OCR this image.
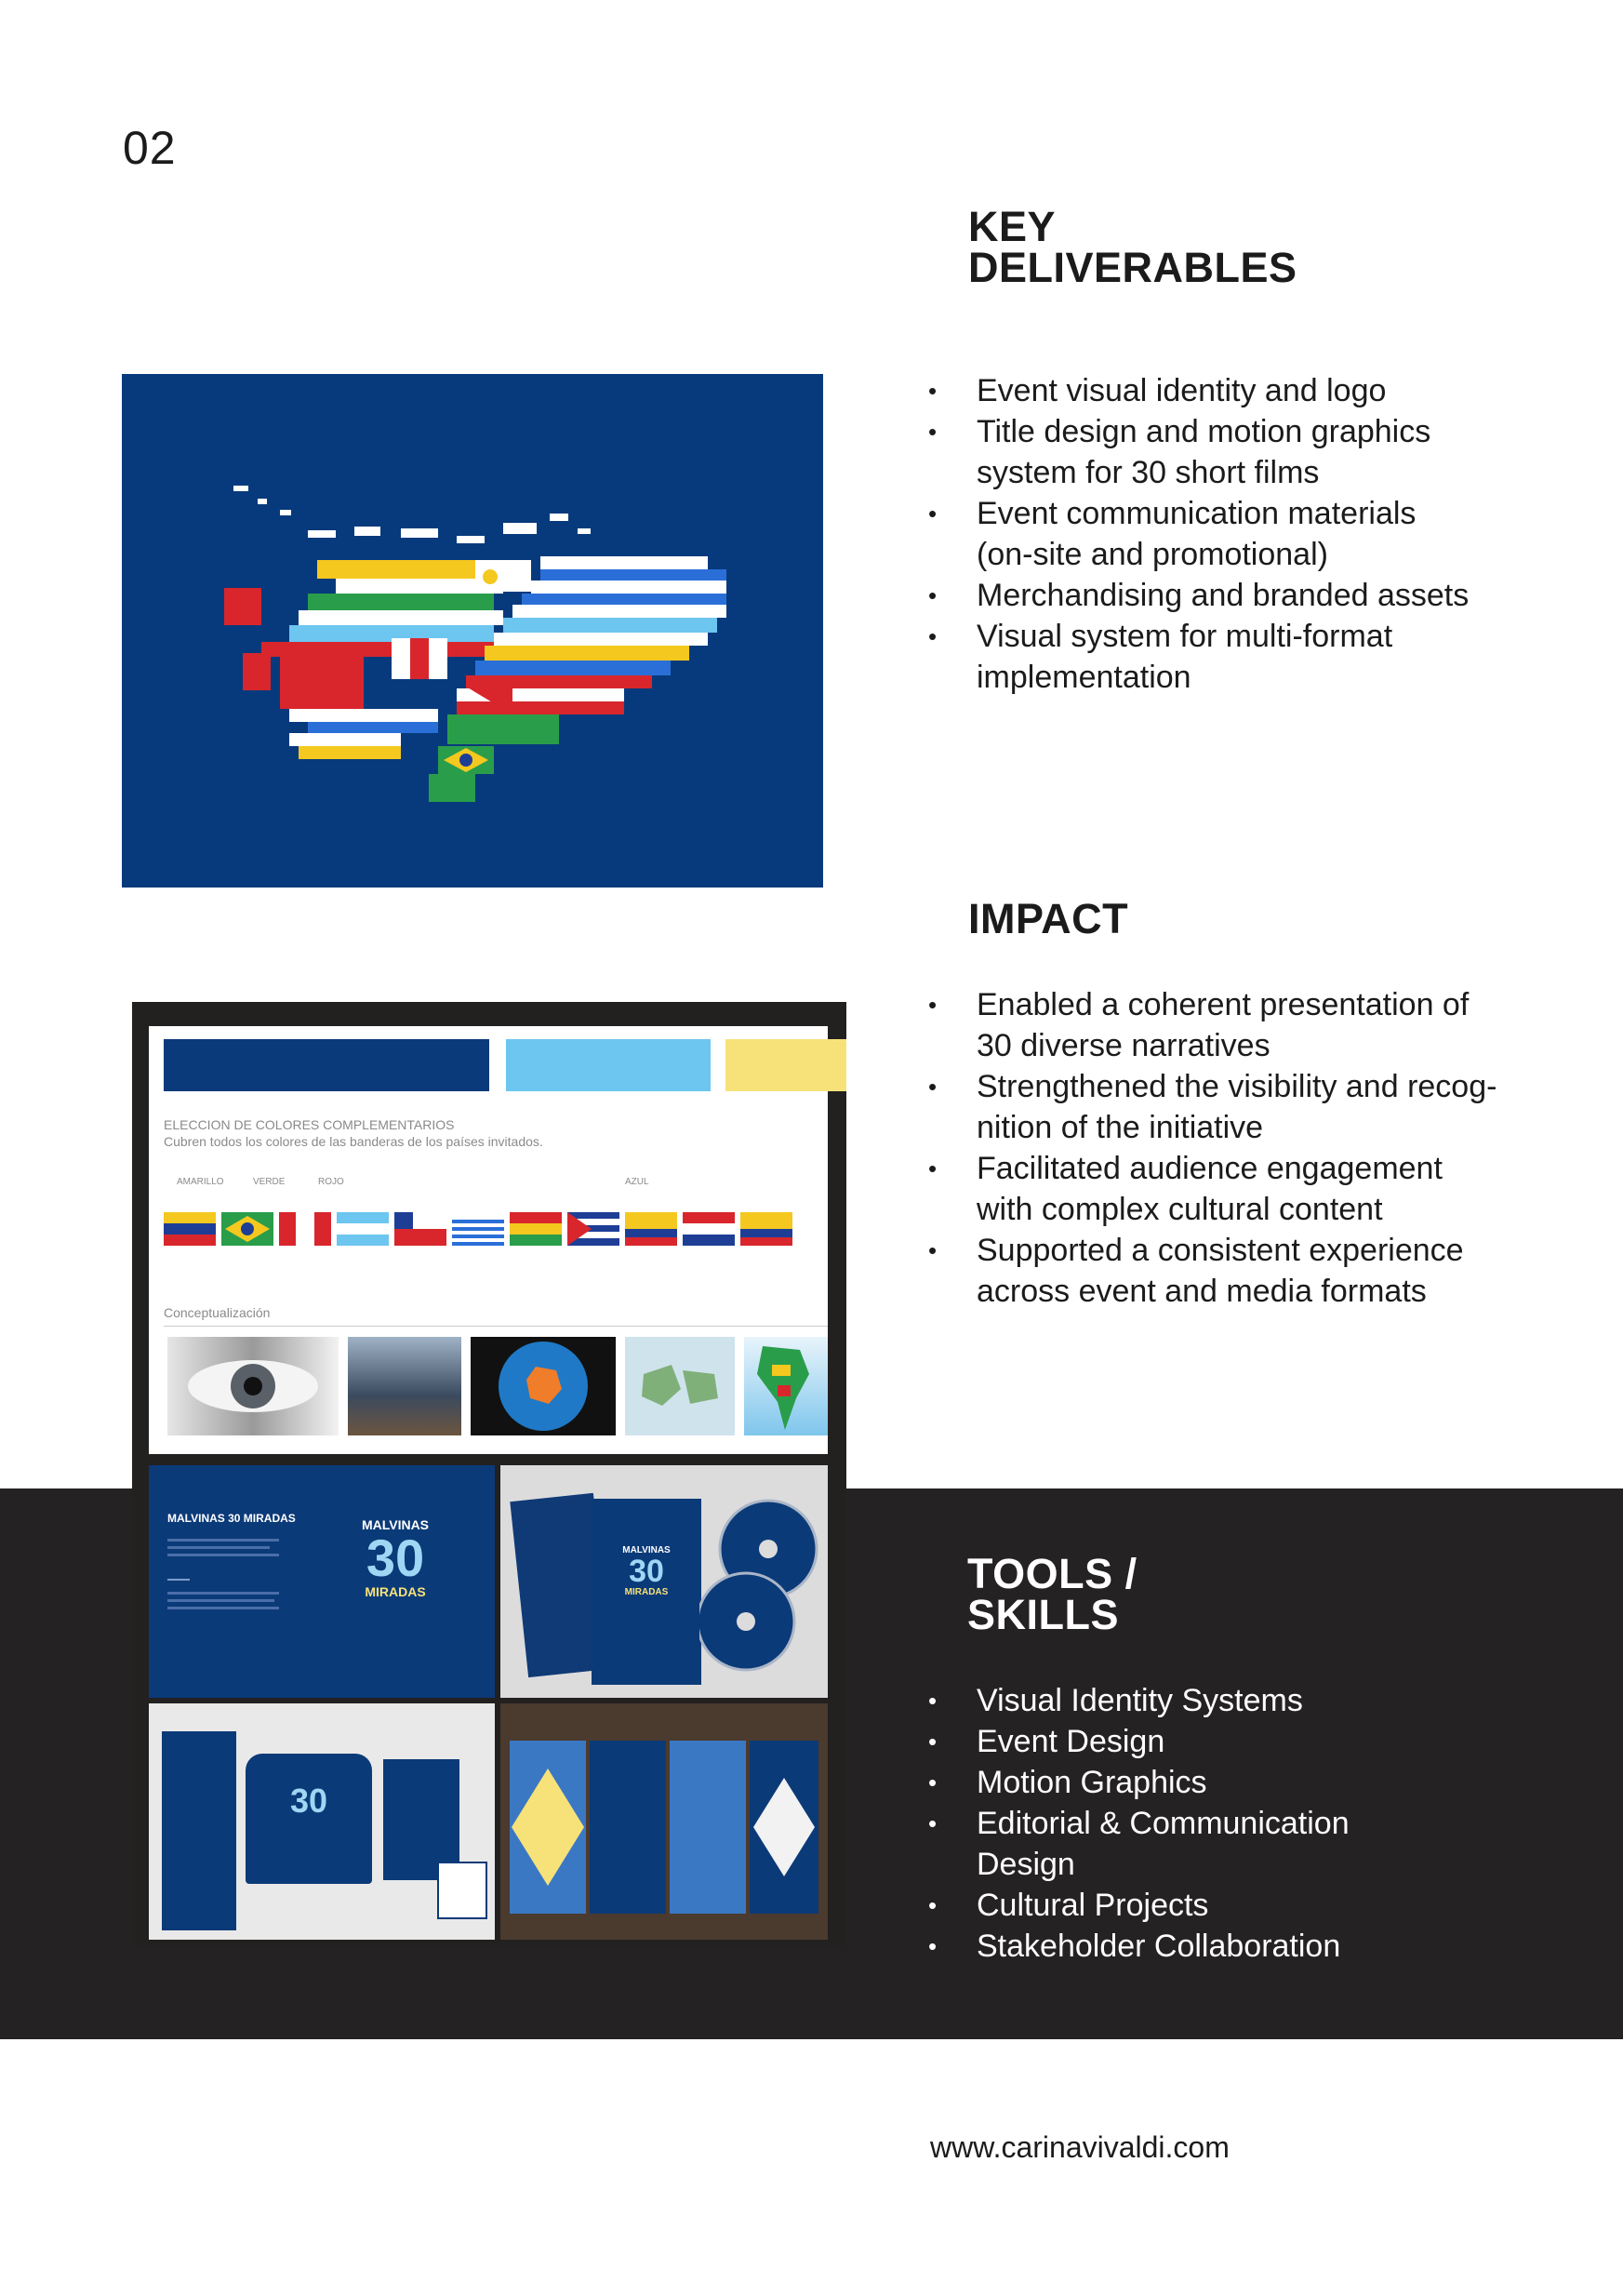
02
KEY
DELIVERABLES
• Event visual identity and logo
• Title design and motion graphics
system for 30 short films
• Event communication materials
(on-site and promotional)
• Merchandising and branded assets
• Visual system for multi-format
implementation
IMPACT
• Enabled a coherent presentation of
30 diverse narratives
• Strengthened the visibility and recog-
nition of the initiative
• Facilitated audience engagement
with complex cultural content
• Supported a consistent experience
across event and media formats
TOOLS /
SKILLS
• Visual Identity Systems
• Event Design
• Motion Graphics
• Editorial & Communication
Design
• Cultural Projects
• Stakeholder Collaboration
ELECCION DE COLORES COMPLEMENTARIOS
Cubren todos los colores de las banderas de los países invitados.
AMARILLO	VERDE	ROJO	AZUL
Conceptualización
MALVINAS 30 MIRADAS	MALVINAS
30
MIRADAS
MALVINAS
30
MIRADAS
30
www.carinavivaldi.com
